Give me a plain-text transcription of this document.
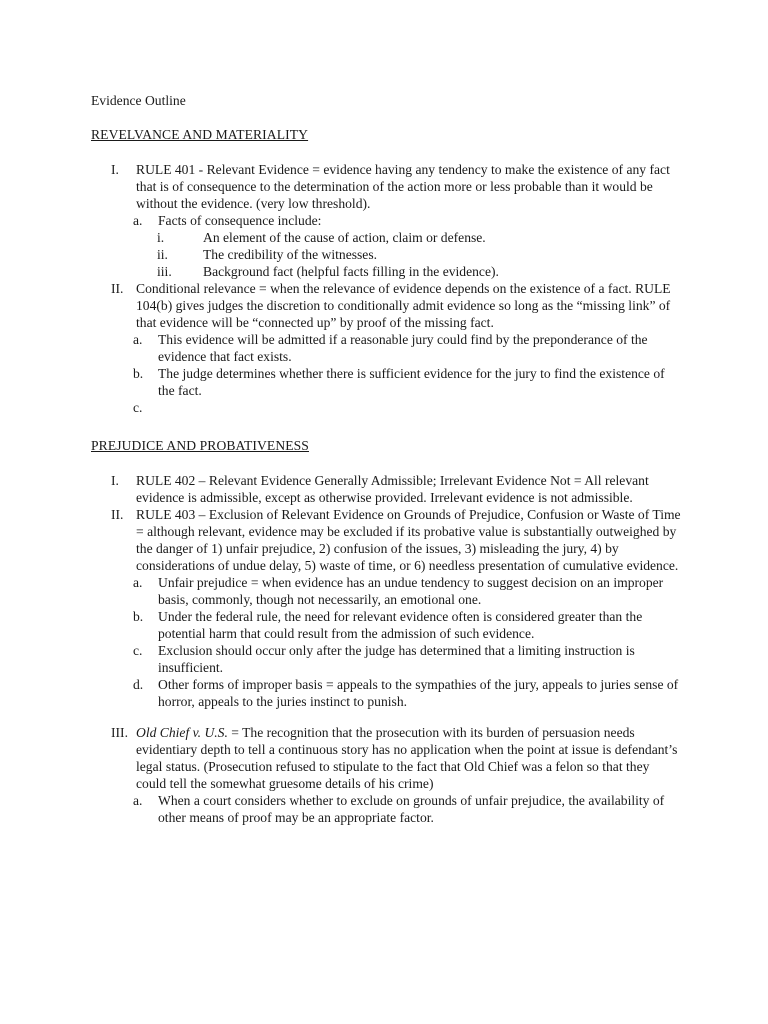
Evidence Outline
REVELVANCE AND MATERIALITY
I. RULE 401 - Relevant Evidence = evidence having any tendency to make the existence of any fact that is of consequence to the determination of the action more or less probable than it would be without the evidence. (very low threshold).
a. Facts of consequence include:
i.	An element of the cause of action, claim or defense.
ii.	The credibility of the witnesses.
iii. Background fact (helpful facts filling in the evidence).
II. Conditional relevance = when the relevance of evidence depends on the existence of a fact. RULE 104(b) gives judges the discretion to conditionally admit evidence so long as the “missing link” of that evidence will be “connected up” by proof of the missing fact.
a. This evidence will be admitted if a reasonable jury could find by the preponderance of the evidence that fact exists.
b. The judge determines whether there is sufficient evidence for the jury to find the existence of the fact.
c.
PREJUDICE AND PROBATIVENESS
I. RULE 402 – Relevant Evidence Generally Admissible; Irrelevant Evidence Not = All relevant evidence is admissible, except as otherwise provided. Irrelevant evidence is not admissible.
II. RULE 403 – Exclusion of Relevant Evidence on Grounds of Prejudice, Confusion or Waste of Time = although relevant, evidence may be excluded if its probative value is substantially outweighed by the danger of 1) unfair prejudice, 2) confusion of the issues, 3) misleading the jury, 4) by considerations of undue delay, 5) waste of time, or 6) needless presentation of cumulative evidence.
a. Unfair prejudice = when evidence has an undue tendency to suggest decision on an improper basis, commonly, though not necessarily, an emotional one.
b. Under the federal rule, the need for relevant evidence often is considered greater than the potential harm that could result from the admission of such evidence.
c. Exclusion should occur only after the judge has determined that a limiting instruction is insufficient.
d. Other forms of improper basis = appeals to the sympathies of the jury, appeals to juries sense of horror, appeals to the juries instinct to punish.
III. Old Chief v. U.S. = The recognition that the prosecution with its burden of persuasion needs evidentiary depth to tell a continuous story has no application when the point at issue is defendant’s legal status. (Prosecution refused to stipulate to the fact that Old Chief was a felon so that they could tell the somewhat gruesome details of his crime)
a. When a court considers whether to exclude on grounds of unfair prejudice, the availability of other means of proof may be an appropriate factor.
